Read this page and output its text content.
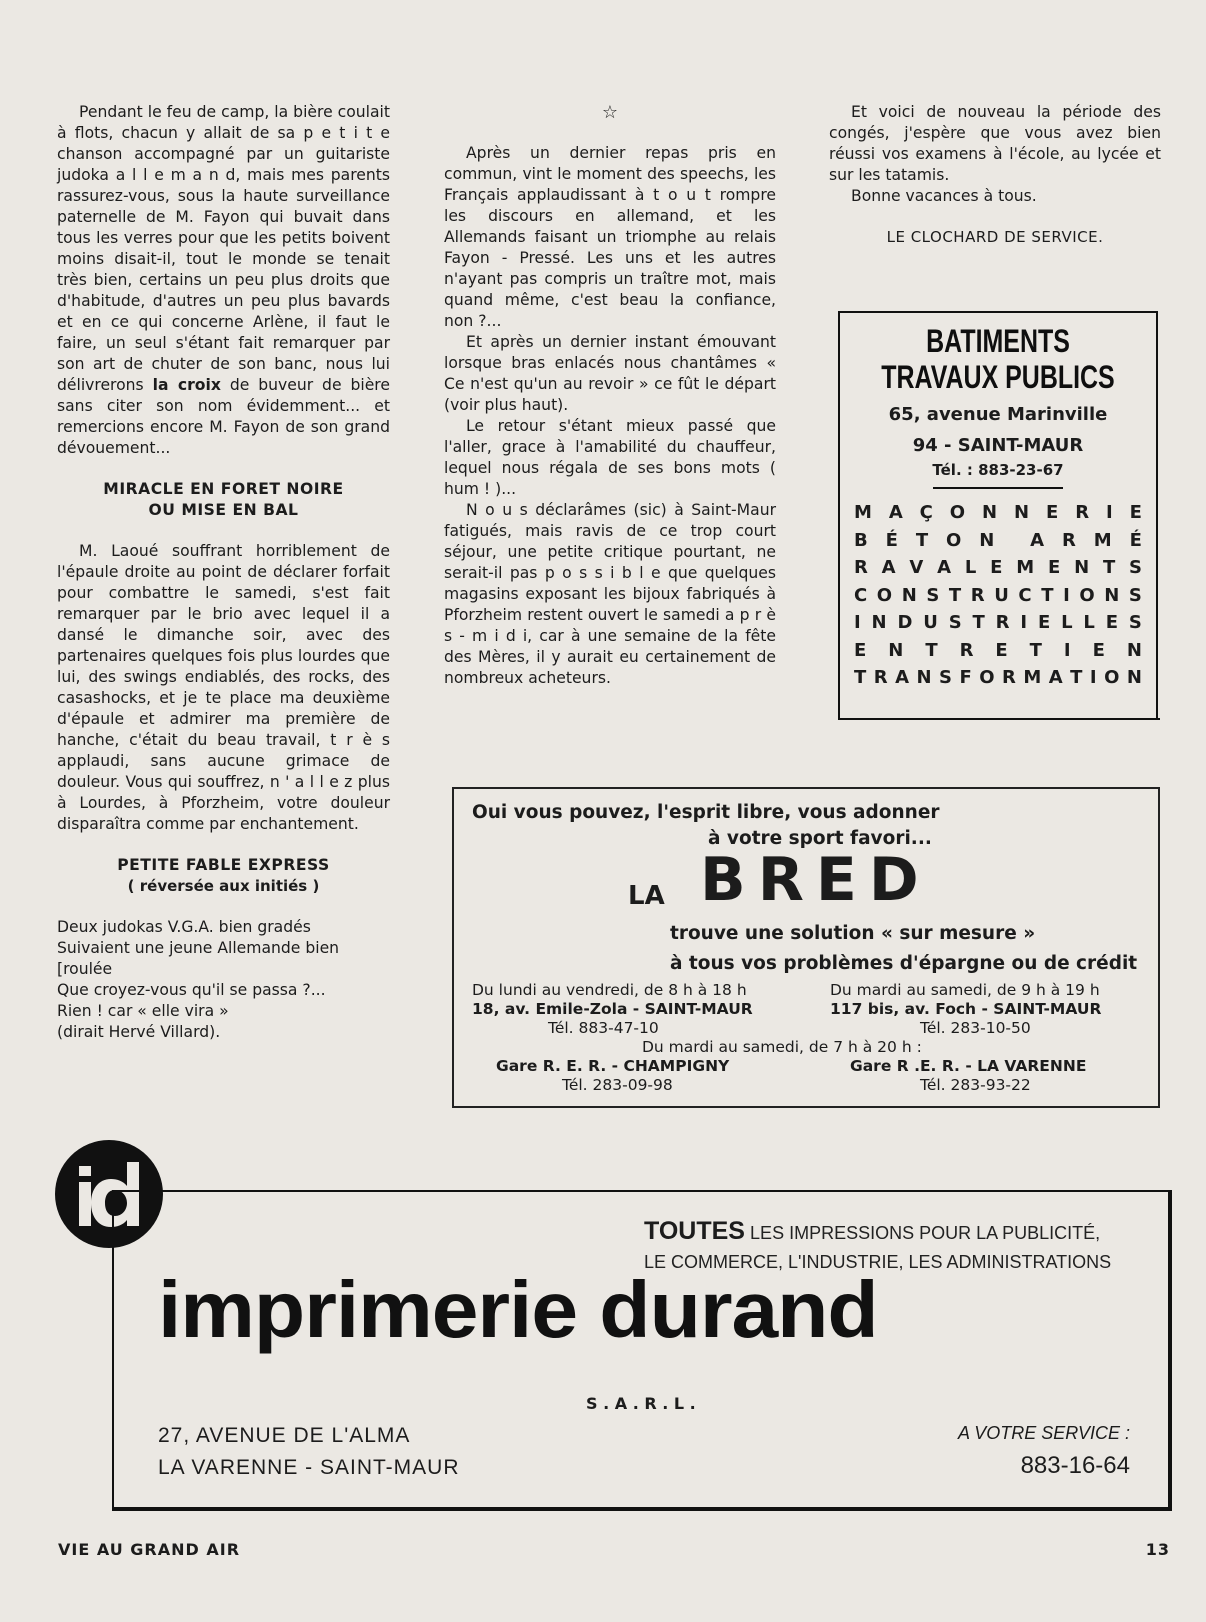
Pendant le feu de camp, la bière coulait à flots, chacun y allait de sa p e t i t e chanson accompagné par un guitariste judoka a l l e m a n d, mais mes parents rassurez-vous, sous la haute surveillance paternelle de M. Fayon qui buvait dans tous les verres pour que les petits boivent moins disait-il, tout le monde se tenait très bien, certains un peu plus droits que d'habitude, d'autres un peu plus bavards et en ce qui concerne Arlène, il faut le faire, un seul s'étant fait remarquer par son art de chuter de son banc, nous lui délivrerons la croix de buveur de bière sans citer son nom évidemment... et remercions encore M. Fayon de son grand dévouement...

MIRACLE EN FORET NOIRE
OU MISE EN BAL

M. Laoué souffrant horriblement de l'épaule droite au point de déclarer forfait pour combattre le samedi, s'est fait remarquer par le brio avec lequel il a dansé le dimanche soir, avec des partenaires quelques fois plus lourdes que lui, des swings endiablés, des rocks, des casashocks, et je te place ma deuxième d'épaule et admirer ma première de hanche, c'était du beau travail, t r è s applaudi, sans aucune grimace de douleur. Vous qui souffrez, n ' a l l e z plus à Lourdes, à Pforzheim, votre douleur disparaîtra comme par enchantement.

PETITE FABLE EXPRESS
( réversée aux initiés )

Deux judokas V.G.A. bien gradés

Suivaient une jeune Allemande bien

[roulée

Que croyez-vous qu'il se passa ?...

Rien ! car « elle vira »

(dirait Hervé Villard).

☆

Après un dernier repas pris en commun, vint le moment des speechs, les Français applaudissant à t o u t rompre les discours en allemand, et les Allemands faisant un triomphe au relais Fayon - Pressé. Les uns et les autres n'ayant pas compris un traître mot, mais quand même, c'est beau la confiance, non ?...

Et après un dernier instant émouvant lorsque bras enlacés nous chantâmes « Ce n'est qu'un au revoir » ce fût le départ (voir plus haut).

Le retour s'étant mieux passé que l'aller, grace à l'amabilité du chauffeur, lequel nous régala de ses bons mots ( hum ! )...

N o u s déclarâmes (sic) à Saint-Maur fatigués, mais ravis de ce trop court séjour, une petite critique pourtant, ne serait-il pas p o s s i b l e que quelques magasins exposant les bijoux fabriqués à Pforzheim restent ouvert le samedi a p r è s - m i d i, car à une semaine de la fête des Mères, il y aurait eu certainement de nombreux acheteurs.

Et voici de nouveau la période des congés, j'espère que vous avez bien réussi vos examens à l'école, au lycée et sur les tatamis.

Bonne vacances à tous.

LE CLOCHARD DE SERVICE.
BATIMENTS
TRAVAUX PUBLICS
65, avenue Marinville
94 - SAINT-MAUR
Tél. : 883-23-67
M A Ç O N N E R I E
B É T O N A R M É
R A V A L E M E N T S
C O N S T R U C T I O N S
I N D U S T R I E L L E S
E N T R E T I E N
T R A N S F O R M A T I O N
Oui vous pouvez, l'esprit libre, vous adonner
à votre sport favori...
LA BRED
trouve une solution « sur mesure »
à tous vos problèmes d'épargne ou de crédit
Du lundi au vendredi, de 8 h à 18 h
18, av. Emile-Zola - SAINT-MAUR
Tél. 883-47-10
Du mardi au samedi, de 9 h à 19 h
117 bis, av. Foch - SAINT-MAUR
Tél. 283-10-50
Du mardi au samedi, de 7 h à 20 h :
Gare R. E. R. - CHAMPIGNY
Tél. 283-09-98
Gare R .E. R. - LA VARENNE
Tél. 283-93-22
TOUTES LES IMPRESSIONS POUR LA PUBLICITÉ,
LE COMMERCE, L'INDUSTRIE, LES ADMINISTRATIONS
imprimerie durand
S . A . R . L .
27, AVENUE DE L'ALMA
LA VARENNE - SAINT-MAUR
A VOTRE SERVICE :
883-16-64
VIE AU GRAND AIR	13
